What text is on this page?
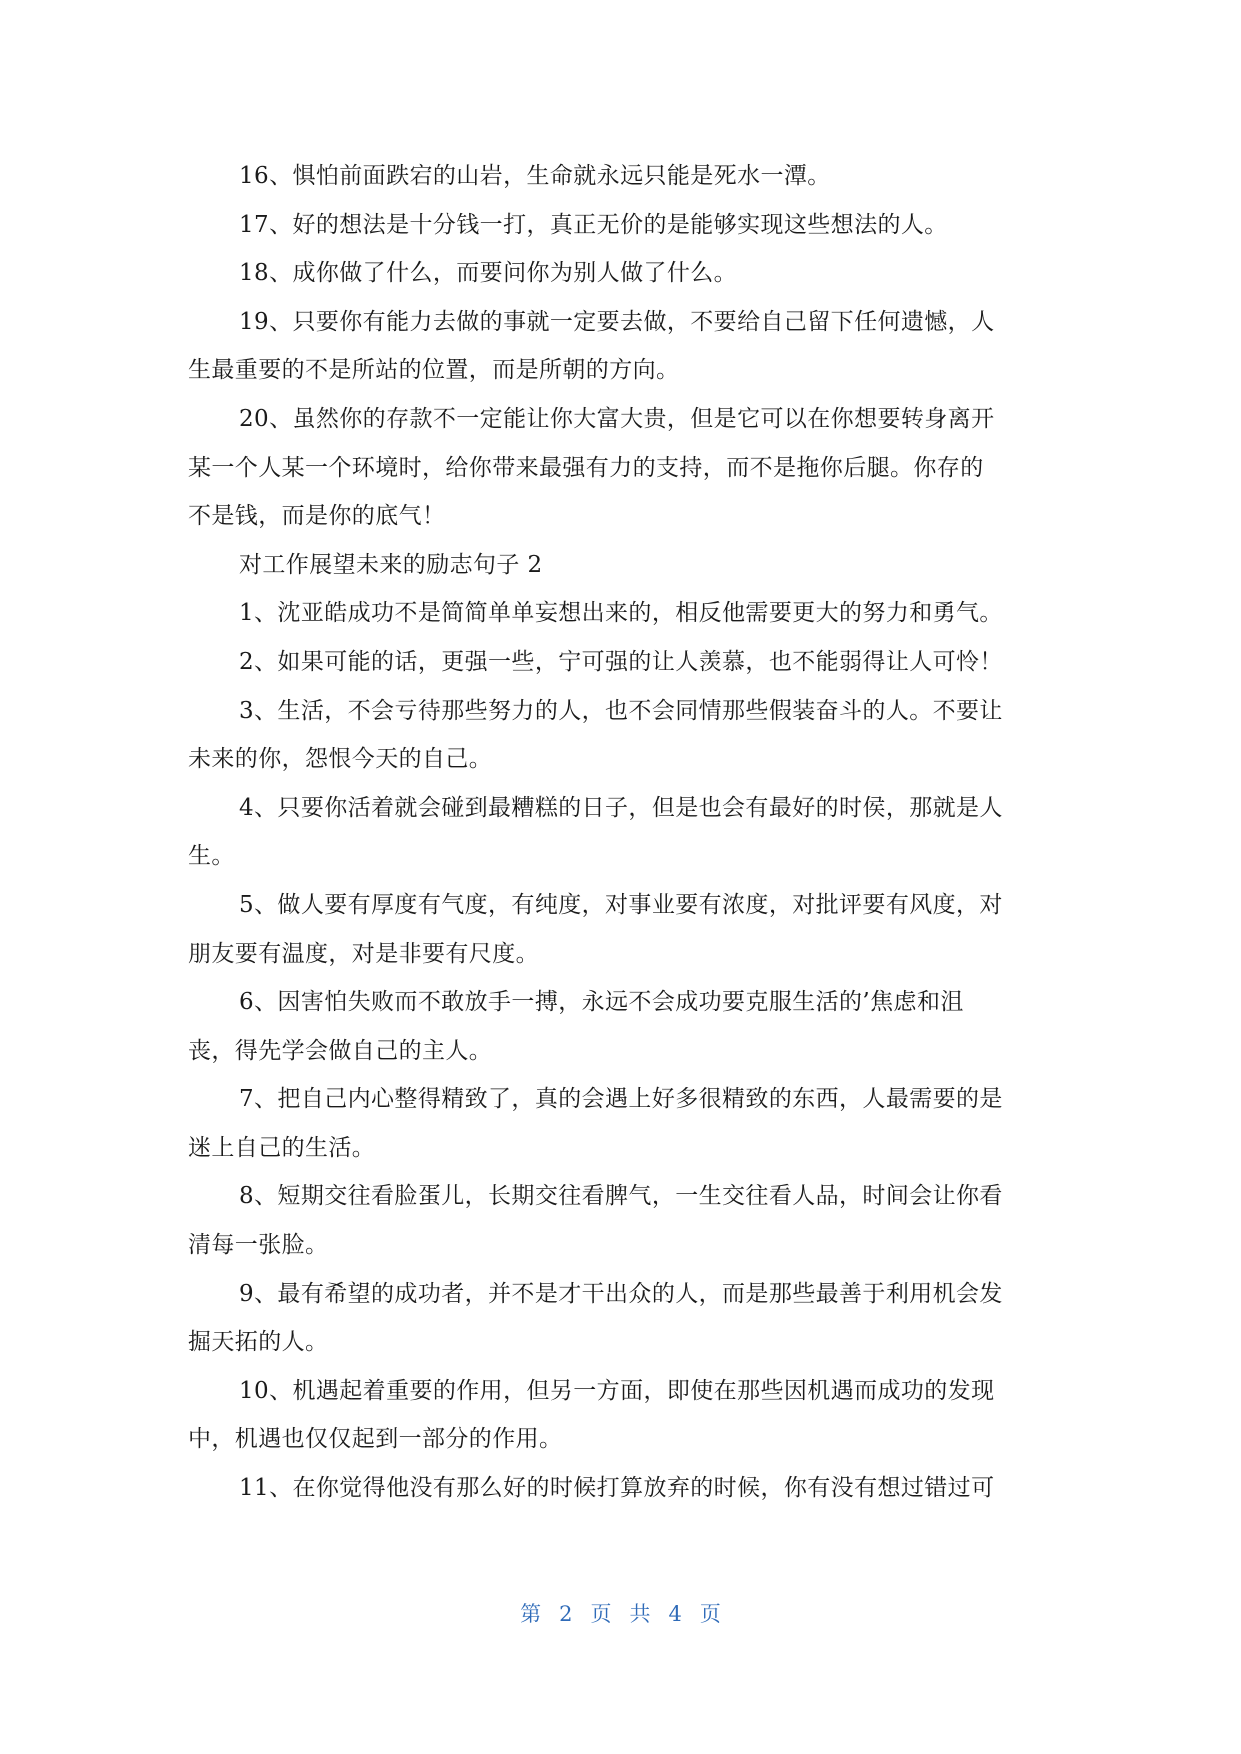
16、惧怕前面跌宕的山岩，生命就永远只能是死水一潭。
17、好的想法是十分钱一打，真正无价的是能够实现这些想法的人。
18、成你做了什么，而要问你为别人做了什么。
19、只要你有能力去做的事就一定要去做，不要给自己留下任何遗憾，人
生最重要的不是所站的位置，而是所朝的方向。
20、虽然你的存款不一定能让你大富大贵，但是它可以在你想要转身离开
某一个人某一个环境时，给你带来最强有力的支持，而不是拖你后腿。你存的
不是钱，而是你的底气！
对工作展望未来的励志句子 2
1、沈亚皓成功不是简简单单妄想出来的，相反他需要更大的努力和勇气。
2、如果可能的话，更强一些，宁可强的让人羡慕，也不能弱得让人可怜！
3、生活，不会亏待那些努力的人，也不会同情那些假装奋斗的人。不要让
未来的你，怨恨今天的自己。
4、只要你活着就会碰到最糟糕的日子，但是也会有最好的时侯，那就是人
生。
5、做人要有厚度有气度，有纯度，对事业要有浓度，对批评要有风度，对
朋友要有温度，对是非要有尺度。
6、因害怕失败而不敢放手一搏，永远不会成功要克服生活的’焦虑和沮
丧，得先学会做自己的主人。
7、把自己内心整得精致了，真的会遇上好多很精致的东西，人最需要的是
迷上自己的生活。
8、短期交往看脸蛋儿，长期交往看脾气，一生交往看人品，时间会让你看
清每一张脸。
9、最有希望的成功者，并不是才干出众的人，而是那些最善于利用机会发
掘天拓的人。
10、机遇起着重要的作用，但另一方面，即使在那些因机遇而成功的发现
中，机遇也仅仅起到一部分的作用。
11、在你觉得他没有那么好的时候打算放弃的时候，你有没有想过错过可
第 2 页 共 4 页
